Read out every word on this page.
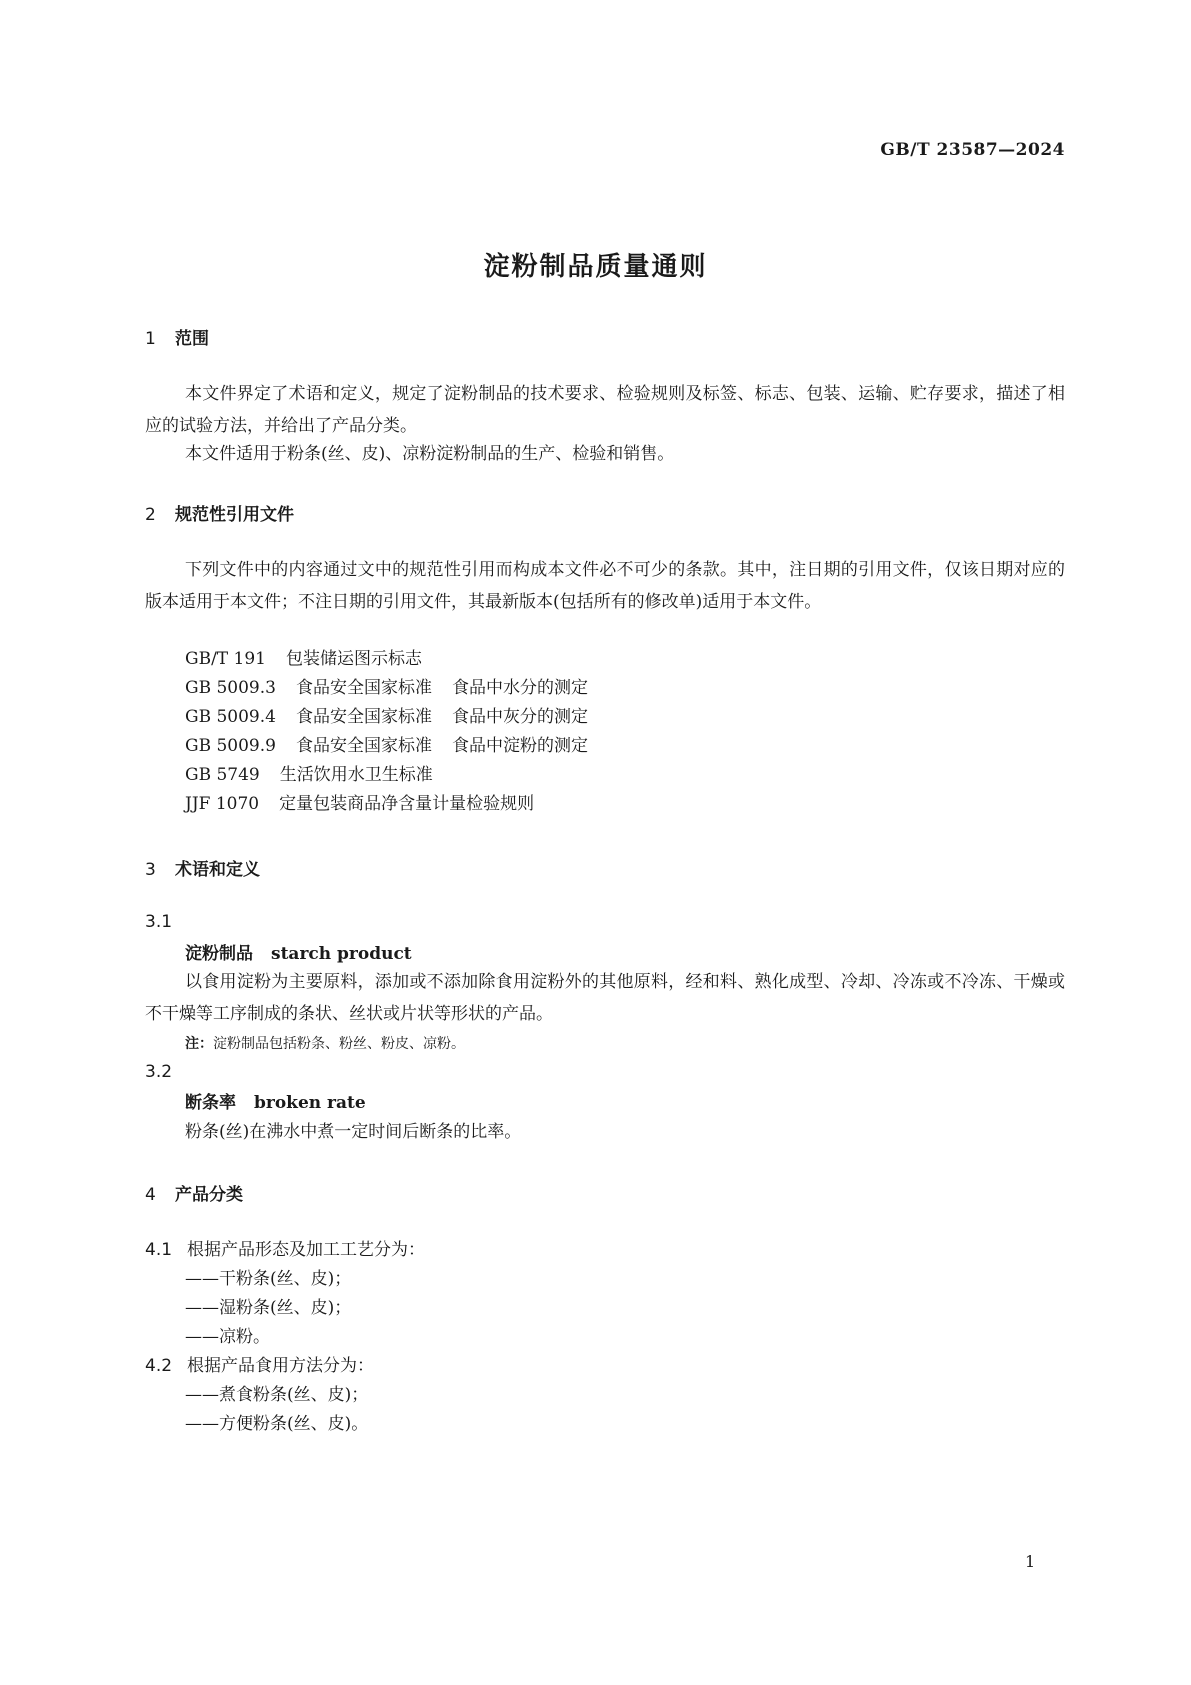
GB/T 23587—2024
淀粉制品质量通则
1 范围
本文件界定了术语和定义，规定了淀粉制品的技术要求、检验规则及标签、标志、包装、运输、贮存要求，描述了相应的试验方法，并给出了产品分类。
本文件适用于粉条(丝、皮)、凉粉淀粉制品的生产、检验和销售。
2 规范性引用文件
下列文件中的内容通过文中的规范性引用而构成本文件必不可少的条款。其中，注日期的引用文件，仅该日期对应的版本适用于本文件；不注日期的引用文件，其最新版本(包括所有的修改单)适用于本文件。
GB/T 191 包装储运图示标志
GB 5009.3 食品安全国家标准 食品中水分的测定
GB 5009.4 食品安全国家标准 食品中灰分的测定
GB 5009.9 食品安全国家标准 食品中淀粉的测定
GB 5749 生活饮用水卫生标准
JJF 1070 定量包装商品净含量计量检验规则
3 术语和定义
3.1
淀粉制品 starch product
以食用淀粉为主要原料，添加或不添加除食用淀粉外的其他原料，经和料、熟化成型、冷却、冷冻或不冷冻、干燥或不干燥等工序制成的条状、丝状或片状等形状的产品。
注：淀粉制品包括粉条、粉丝、粉皮、凉粉。
3.2
断条率 broken rate
粉条(丝)在沸水中煮一定时间后断条的比率。
4 产品分类
4.1 根据产品形态及加工工艺分为：
——干粉条(丝、皮)；
——湿粉条(丝、皮)；
——凉粉。
4.2 根据产品食用方法分为：
——煮食粉条(丝、皮)；
——方便粉条(丝、皮)。
1
